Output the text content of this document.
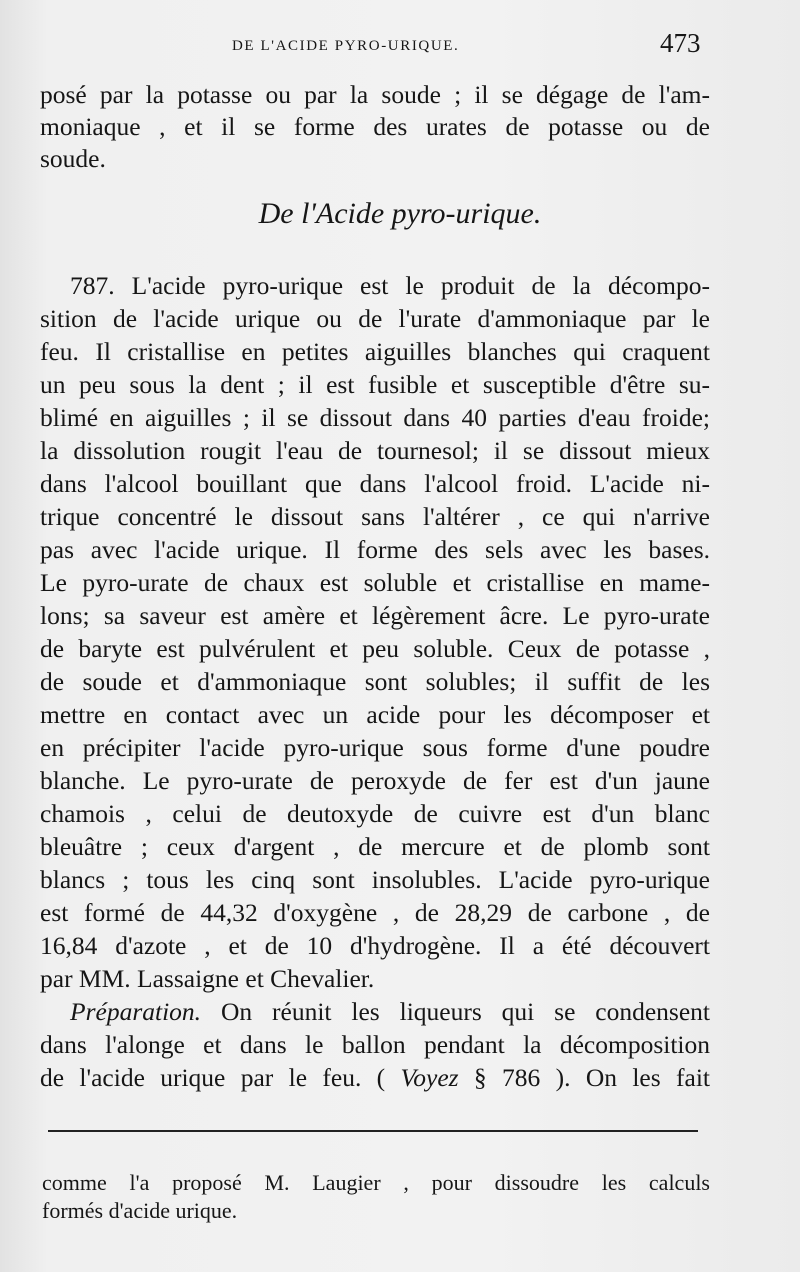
DE L'ACIDE PYRO-URIQUE.	473
posé par la potasse ou par la soude ; il se dégage de l'am-
moniaque , et il se forme des urates de potasse ou de
soude.
De l'Acide pyro-urique.
787. L'acide pyro-urique est le produit de la décompo-
sition de l'acide urique ou de l'urate d'ammoniaque par le
feu. Il cristallise en petites aiguilles blanches qui craquent
un peu sous la dent ; il est fusible et susceptible d'être su-
blimé en aiguilles ; il se dissout dans 40 parties d'eau froide;
la dissolution rougit l'eau de tournesol; il se dissout mieux
dans l'alcool bouillant que dans l'alcool froid. L'acide ni-
trique concentré le dissout sans l'altérer , ce qui n'arrive
pas avec l'acide urique. Il forme des sels avec les bases.
Le pyro-urate de chaux est soluble et cristallise en mame-
lons; sa saveur est amère et légèrement âcre. Le pyro-urate
de baryte est pulvérulent et peu soluble. Ceux de potasse ,
de soude et d'ammoniaque sont solubles; il suffit de les
mettre en contact avec un acide pour les décomposer et
en précipiter l'acide pyro-urique sous forme d'une poudre
blanche. Le pyro-urate de peroxyde de fer est d'un jaune
chamois , celui de deutoxyde de cuivre est d'un blanc
bleuâtre ; ceux d'argent , de mercure et de plomb sont
blancs ; tous les cinq sont insolubles. L'acide pyro-urique
est formé de 44,32 d'oxygène , de 28,29 de carbone , de
16,84 d'azote , et de 10 d'hydrogène. Il a été découvert
par MM. Lassaigne et Chevalier.
Préparation. On réunit les liqueurs qui se condensent
dans l'alonge et dans le ballon pendant la décomposition
de l'acide urique par le feu. ( Voyez § 786 ). On les fait
comme l'a proposé M. Laugier , pour dissoudre les calculs
formés d'acide urique.
